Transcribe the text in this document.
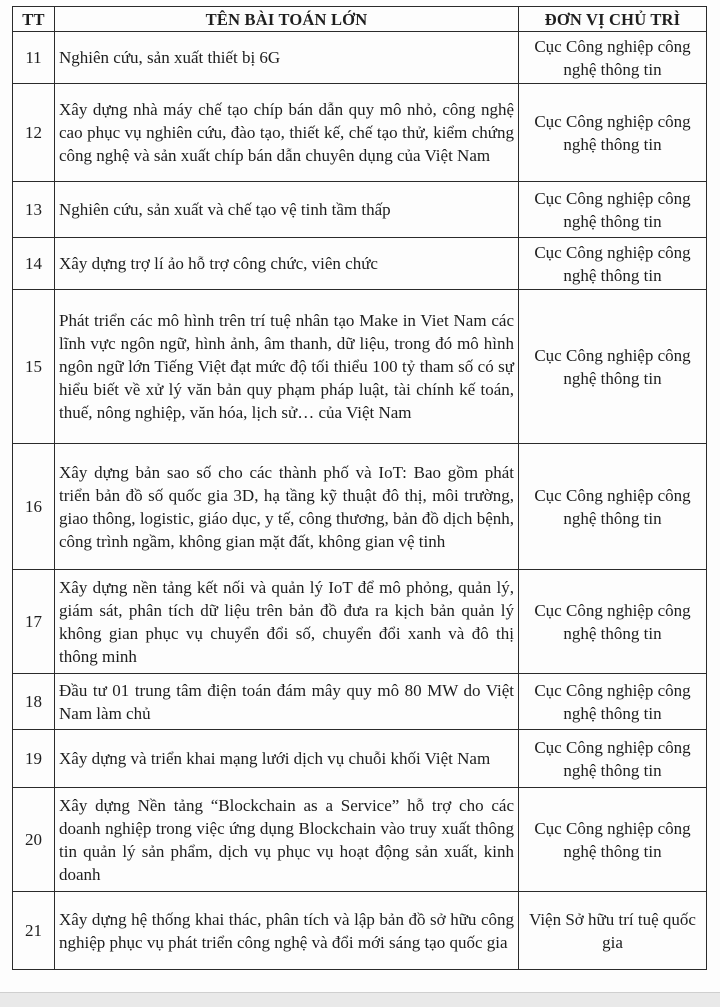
TT	TÊN BÀI TOÁN LỚN	ĐƠN VỊ CHỦ TRÌ
11	Nghiên cứu, sản xuất thiết bị 6G	Cục Công nghiệp công nghệ thông tin
12	Xây dựng nhà máy chế tạo chíp bán dẫn quy mô nhỏ, công nghệ cao phục vụ nghiên cứu, đào tạo, thiết kế, chế tạo thử, kiểm chứng công nghệ và sản xuất chíp bán dẫn chuyên dụng của Việt Nam	Cục Công nghiệp công nghệ thông tin
13	Nghiên cứu, sản xuất và chế tạo vệ tinh tầm thấp	Cục Công nghiệp công nghệ thông tin
14	Xây dựng trợ lí ảo hỗ trợ công chức, viên chức	Cục Công nghiệp công nghệ thông tin
15	Phát triển các mô hình trên trí tuệ nhân tạo Make in Viet Nam các lĩnh vực ngôn ngữ, hình ảnh, âm thanh, dữ liệu, trong đó mô hình ngôn ngữ lớn Tiếng Việt đạt mức độ tối thiểu 100 tỷ tham số có sự hiểu biết về xử lý văn bản quy phạm pháp luật, tài chính kế toán, thuế, nông nghiệp, văn hóa, lịch sử… của Việt Nam	Cục Công nghiệp công nghệ thông tin
16	Xây dựng bản sao số cho các thành phố và IoT: Bao gồm phát triển bản đồ số quốc gia 3D, hạ tầng kỹ thuật đô thị, môi trường, giao thông, logistic, giáo dục, y tế, công thương, bản đồ dịch bệnh, công trình ngầm, không gian mặt đất, không gian vệ tinh	Cục Công nghiệp công nghệ thông tin
17	Xây dựng nền tảng kết nối và quản lý IoT để mô phỏng, quản lý, giám sát, phân tích dữ liệu trên bản đồ đưa ra kịch bản quản lý không gian phục vụ chuyển đổi số, chuyển đổi xanh và đô thị thông minh	Cục Công nghiệp công nghệ thông tin
18	Đầu tư 01 trung tâm điện toán đám mây quy mô 80 MW do Việt Nam làm chủ	Cục Công nghiệp công nghệ thông tin
19	Xây dựng và triển khai mạng lưới dịch vụ chuỗi khối Việt Nam	Cục Công nghiệp công nghệ thông tin
20	Xây dựng Nền tảng “Blockchain as a Service” hỗ trợ cho các doanh nghiệp trong việc ứng dụng Blockchain vào truy xuất thông tin quản lý sản phẩm, dịch vụ phục vụ hoạt động sản xuất, kinh doanh	Cục Công nghiệp công nghệ thông tin
21	Xây dựng hệ thống khai thác, phân tích và lập bản đồ sở hữu công nghiệp phục vụ phát triển công nghệ và đổi mới sáng tạo quốc gia	Viện Sở hữu trí tuệ quốc gia
